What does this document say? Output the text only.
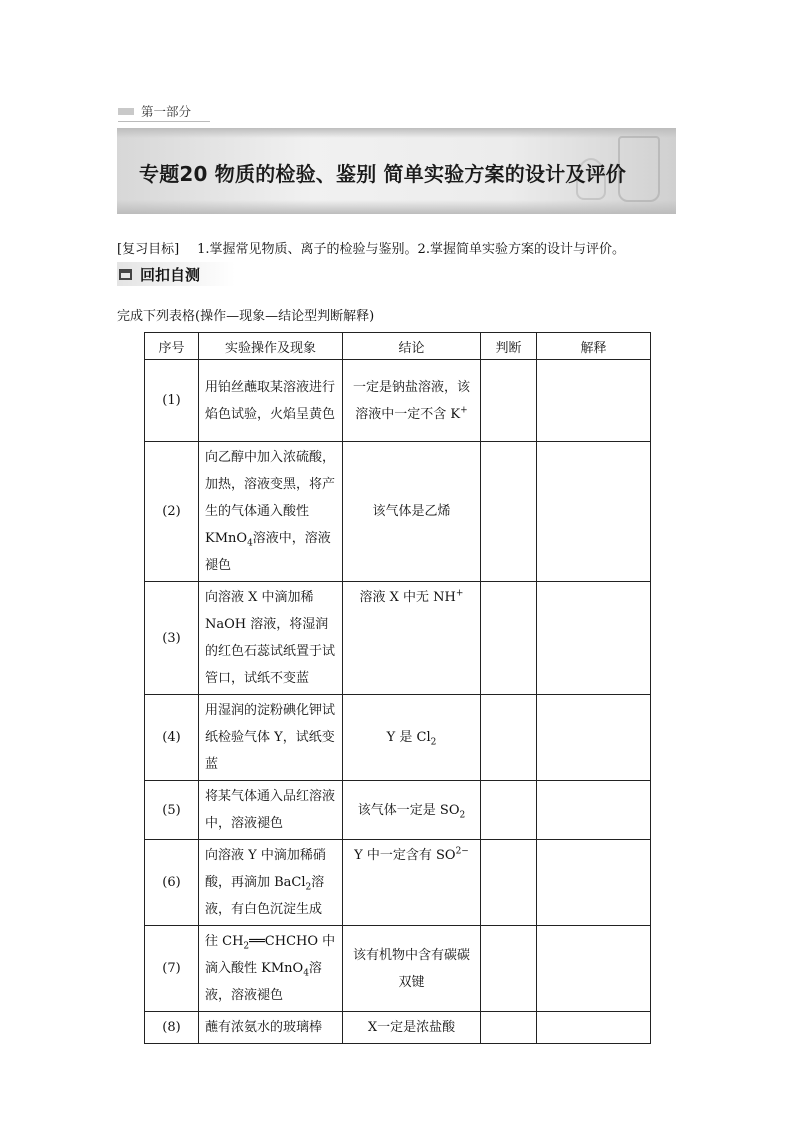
第一部分
专题20 物质的检验、鉴别 简单实验方案的设计及评价
[复习目标] 1.掌握常见物质、离子的检验与鉴别。2.掌握简单实验方案的设计与评价。
回扣自测
完成下列表格(操作—现象—结论型判断解释)
序号	实验操作及现象	结论	判断	解释
(1)	用铂丝蘸取某溶液进行焰色试验，火焰呈黄色	一定是钠盐溶液，该溶液中一定不含 K+		
(2)	向乙醇中加入浓硫酸，加热，溶液变黑，将产生的气体通入酸性 KMnO$_4$溶液中，溶液褪色	该气体是乙烯		
(3)	向溶液 X 中滴加稀 NaOH 溶液，将湿润的红色石蕊试纸置于试管口，试纸不变蓝	溶液 X 中无 NH+		
(4)	用湿润的淀粉碘化钾试纸检验气体 Y，试纸变蓝	Y 是 $Cl_2$		
(5)	将某气体通入品红溶液中，溶液褪色	该气体一定是 $SO_2$		
(6)	向溶液 Y 中滴加稀硝酸，再滴加 BaCl$_2$溶液，有白色沉淀生成	Y 中一定含有 $SO^{2-}$		
(7)	往 $CH_2══CHCHO$ 中滴入酸性 KMnO$_4$溶液，溶液褪色	该有机物中含有碳碳双键		
(8)	蘸有浓氨水的玻璃棒	X一定是浓盐酸		
